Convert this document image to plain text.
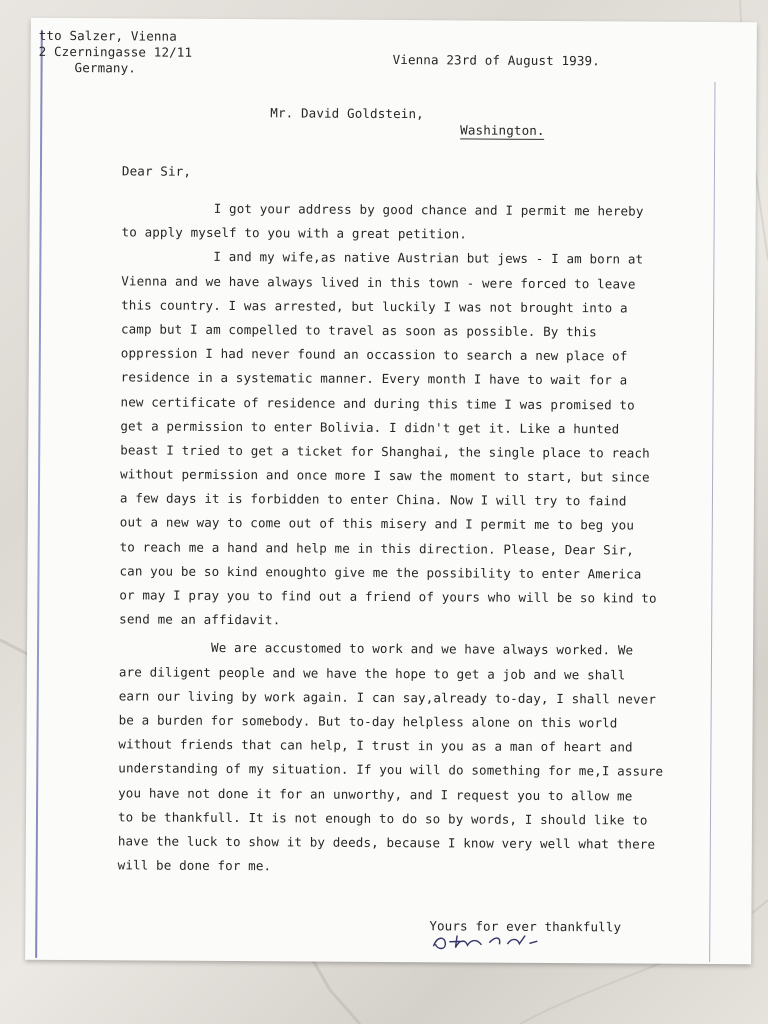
tto Salzer, Vienna
2 Czerningasse 12/11
Germany.	Vienna 23rd of August 1939.
Mr. David Goldstein,
Washington.
Dear Sir,

I got your address by good chance and I permit me hereby
to apply myself to you with a great petition.

I and my wife,as native Austrian but jews - I am born at
Vienna and we have always lived in this town - were forced to leave
this country. I was arrested, but luckily I was not brought into a
camp but I am compelled to travel as soon as possible. By this
oppression I had never found an occassion to search a new place of
residence in a systematic manner. Every month I have to wait for a
new certificate of residence and during this time I was promised to
get a permission to enter Bolivia. I didn't get it. Like a hunted
beast I tried to get a ticket for Shanghai, the single place to reach
without permission and once more I saw the moment to start, but since
a few days it is forbidden to enter China. Now I will try to faind
out a new way to come out of this misery and I permit me to beg you
to reach me a hand and help me in this direction. Please, Dear Sir,
can you be so kind enoughto give me the possibility to enter America
or may I pray you to find out a friend of yours who will be so kind to
send me an affidavit.

We are accustomed to work and we have always worked. We
are diligent people and we have the hope to get a job and we shall
earn our living by work again. I can say,already to-day, I shall never
be a burden for somebody. But to-day helpless alone on this world
without friends that can help, I trust in you as a man of heart and
understanding of my situation. If you will do something for me,I assure
you have not done it for an unworthy, and I request you to allow me
to be thankfull. It is not enough to do so by words, I should like to
have the luck to show it by deeds, because I know very well what there
will be done for me.

Yours for ever thankfully
